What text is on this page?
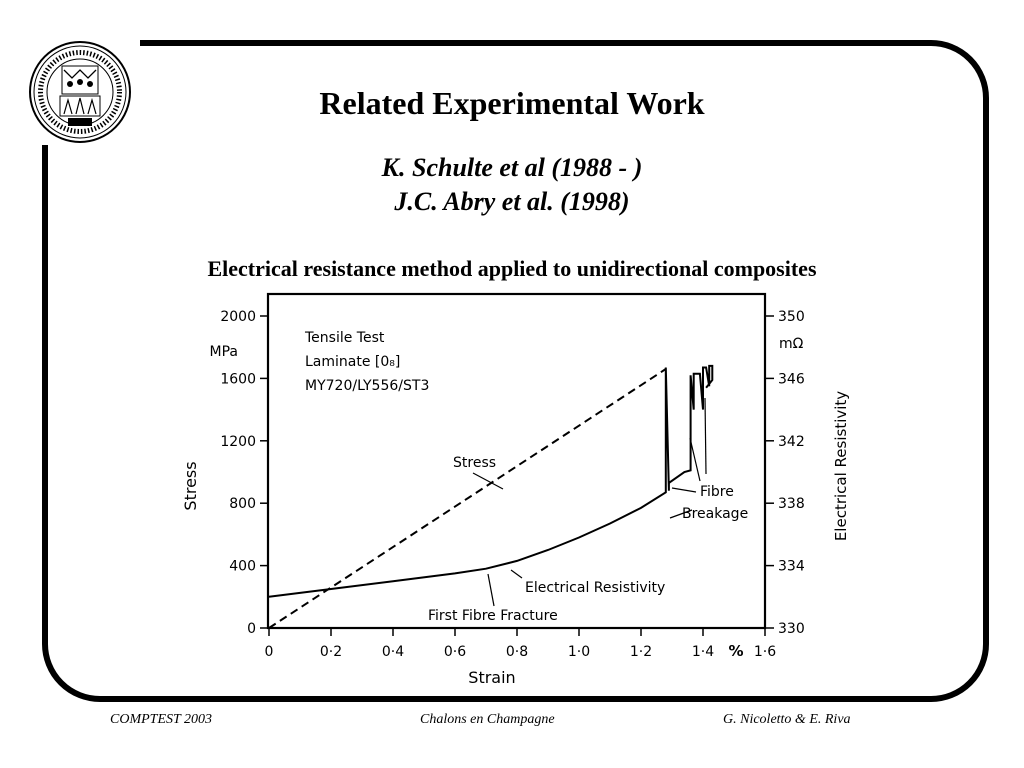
Related Experimental Work
K. Schulte et al (1988 - )
J.C. Abry et al. (1998)
Electrical resistance method applied to unidirectional composites
0
400
800
1200
1600
2000
330
334
338
342
346
350
0	0·2	0·4	0·6	0·8	1·0	1·2	1·4	1·6
MPa	mΩ
%
Stress	Electrical Resistivity
Strain
Tensile Test
Laminate [0₈]
MY720/LY556/ST3
Stress
Fibre
Breakage
Electrical Resistivity
First Fibre Fracture
COMPTEST 2003	Chalons en Champagne	G. Nicoletto & E. Riva
